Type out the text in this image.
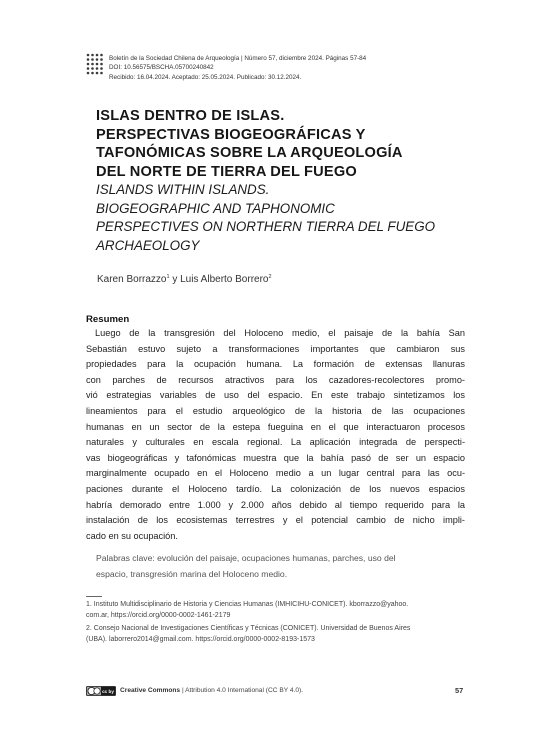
Boletín de la Sociedad Chilena de Arqueología | Número 57, diciembre 2024. Páginas 57-84
DOI: 10.56575/BSCHA.05700240842
Recibido: 16.04.2024. Aceptado: 25.05.2024. Publicado: 30.12.2024.
ISLAS DENTRO DE ISLAS.
PERSPECTIVAS BIOGEOGRÁFICAS Y
TAFONÓMICAS SOBRE LA ARQUEOLOGÍA
DEL NORTE DE TIERRA DEL FUEGO
ISLANDS WITHIN ISLANDS.
BIOGEOGRAPHIC AND TAPHONOMIC
PERSPECTIVES ON NORTHERN TIERRA DEL FUEGO
ARCHAEOLOGY
Karen Borrazzo$^1$ y Luis Alberto Borrero$^2$
Resumen
Luego de la transgresión del Holoceno medio, el paisaje de la bahía San
Sebastián estuvo sujeto a transformaciones importantes que cambiaron sus
propiedades para la ocupación humana. La formación de extensas llanuras
con parches de recursos atractivos para los cazadores-recolectores promo-
vió estrategias variables de uso del espacio. En este trabajo sintetizamos los
lineamientos para el estudio arqueológico de la historia de las ocupaciones
humanas en un sector de la estepa fueguina en el que interactuaron procesos
naturales y culturales en escala regional. La aplicación integrada de perspecti-
vas biogeográficas y tafonómicas muestra que la bahía pasó de ser un espacio
marginalmente ocupado en el Holoceno medio a un lugar central para las ocu-
paciones durante el Holoceno tardío. La colonización de los nuevos espacios
habría demorado entre 1.000 y 2.000 años debido al tiempo requerido para la
instalación de los ecosistemas terrestres y el potencial cambio de nicho impli-
cado en su ocupación.
Palabras clave: evolución del paisaje, ocupaciones humanas, parches, uso del
espacio, transgresión marina del Holoceno medio.
1. Instituto Multidisciplinario de Historia y Ciencias Humanas (IMHICIHU-CONICET). kborrazzo@yahoo.
com.ar, https://orcid.org/0000-0002-1461-2179
2. Consejo Nacional de Investigaciones Científicas y Técnicas (CONICET). Universidad de Buenos Aires
(UBA). laborrero2014@gmail.com. https://orcid.org/0000-0002-8193-1573
cc by Creative Commons | Attribution 4.0 International (CC BY 4.0).	57
